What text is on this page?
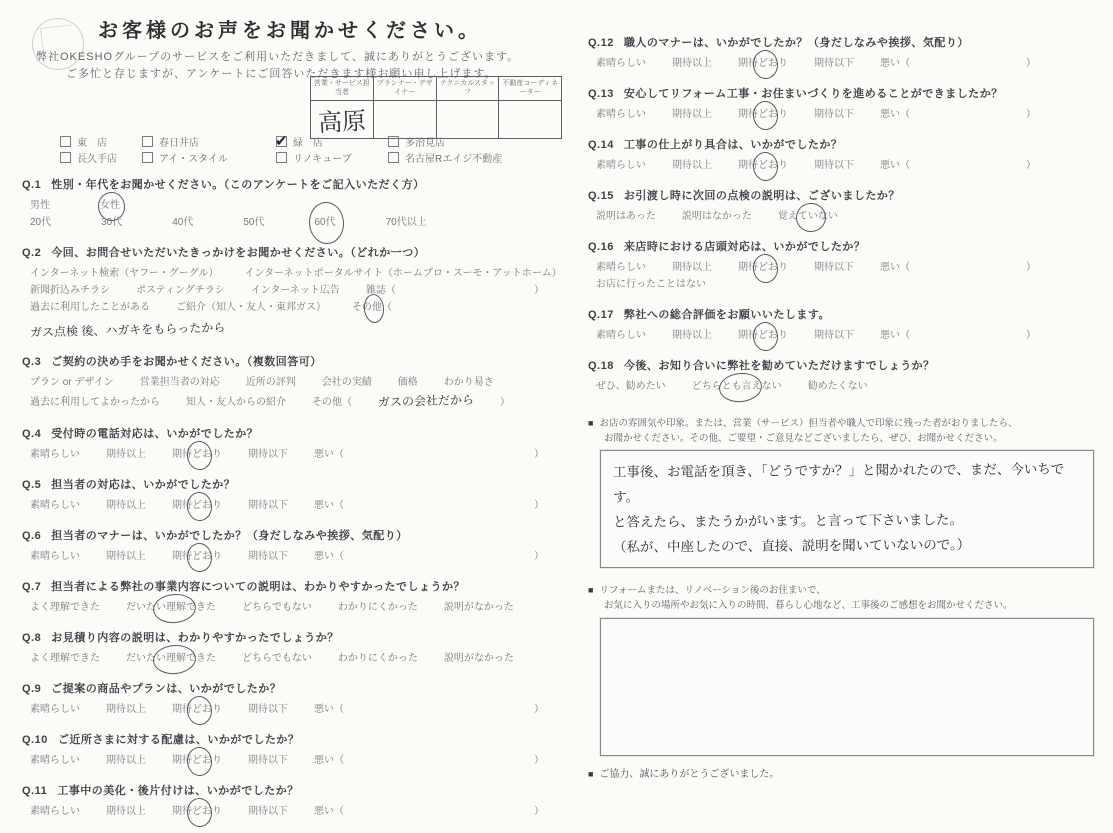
お客様のお声をお聞かせください。
弊社OKESHOグループのサービスをご利用いただきまして、誠にありがとうございます。
ご多忙と存じますが、アンケートにご回答いただきます様お願い申し上げます。
営業・サービス担当者	プランナー・デザイナー	テクニカルスタッフ	不動産コーディネーター
高原			
東　店	春日井店	✔ 緑　店	多治見店
長久手店	アイ・スタイル	リノキューブ	名古屋Rエイジ不動産
Q.1 性別・年代をお聞かせください。（このアンケートをご記入いただく方）
男性	女性
20代	30代	40代	50代	60代	70代以上
Q.2 今回、お問合せいただいたきっかけをお聞かせください。（どれか一つ）
インターネット検索（ヤフー・グーグル）	インターネットポータルサイト（ホームプロ・スーモ・アットホーム）
新聞折込みチラシ	ポスティングチラシ	インターネット広告	雑誌（	）
過去に利用したことがある	ご紹介（知人・友人・東邦ガス）	その他（
ガス点検 後、ハガキをもらったから
Q.3 ご契約の決め手をお聞かせください。（複数回答可）
プラン or デザイン	営業担当者の対応	近所の評判	会社の実績	価格	わかり易さ
過去に利用してよかったから	知人・友人からの紹介	その他（ ガスの会社だから	）
Q.4 受付時の電話対応は、いかがでしたか？
素晴らしい	期待以上	期待どおり	期待以下	悪い（	）
Q.5 担当者の対応は、いかがでしたか？
素晴らしい	期待以上	期待どおり	期待以下	悪い（	）
Q.6 担当者のマナーは、いかがでしたか？（身だしなみや挨拶、気配り）
素晴らしい	期待以上	期待どおり	期待以下	悪い（	）
Q.7 担当者による弊社の事業内容についての説明は、わかりやすかったでしょうか？
よく理解できた	だいたい理解できた	どちらでもない	わかりにくかった	説明がなかった
Q.8 お見積り内容の説明は、わかりやすかったでしょうか？
よく理解できた	だいたい理解できた	どちらでもない	わかりにくかった	説明がなかった
Q.9 ご提案の商品やプランは、いかがでしたか？
素晴らしい	期待以上	期待どおり	期待以下	悪い（	）
Q.10 ご近所さまに対する配慮は、いかがでしたか？
素晴らしい	期待以上	期待どおり	期待以下	悪い（	）
Q.11 工事中の美化・後片付けは、いかがでしたか？
素晴らしい	期待以上	期待どおり	期待以下	悪い（	）
Q.12 職人のマナーは、いかがでしたか？（身だしなみや挨拶、気配り）
素晴らしい	期待以上	期待どおり	期待以下	悪い（	）
Q.13 安心してリフォーム工事・お住まいづくりを進めることができましたか？
素晴らしい	期待以上	期待どおり	期待以下	悪い（	）
Q.14 工事の仕上がり具合は、いかがでしたか？
素晴らしい	期待以上	期待どおり	期待以下	悪い（	）
Q.15 お引渡し時に次回の点検の説明は、ございましたか？
説明はあった	説明はなかった	覚えていない
Q.16 来店時における店頭対応は、いかがでしたか？
素晴らしい	期待以上	期待どおり	期待以下	悪い（	）
お店に行ったことはない
Q.17 弊社への総合評価をお願いいたします。
素晴らしい	期待以上	期待どおり	期待以下	悪い（	）
Q.18 今後、お知り合いに弊社を勧めていただけますでしょうか？
ぜひ、勧めたい	どちらとも言えない	勧めたくない
■お店の雰囲気や印象。または、営業（サービス）担当者や職人で印象に残った者がおりましたら、
お聞かせください。その他、ご要望・ご意見などございましたら、ぜひ、お聞かせください。
工事後、お電話を頂き、「どうですか？」と聞かれたので、まだ、今いちです。
と答えたら、またうかがいます。と言って下さいました。
（私が、中座したので、直接、説明を聞いていないので。）
■リフォームまたは、リノベーション後のお住まいで、
お気に入りの場所やお気に入りの時間、暮らし心地など、工事後のご感想をお聞かせください。
■ご協力、誠にありがとうございました。
